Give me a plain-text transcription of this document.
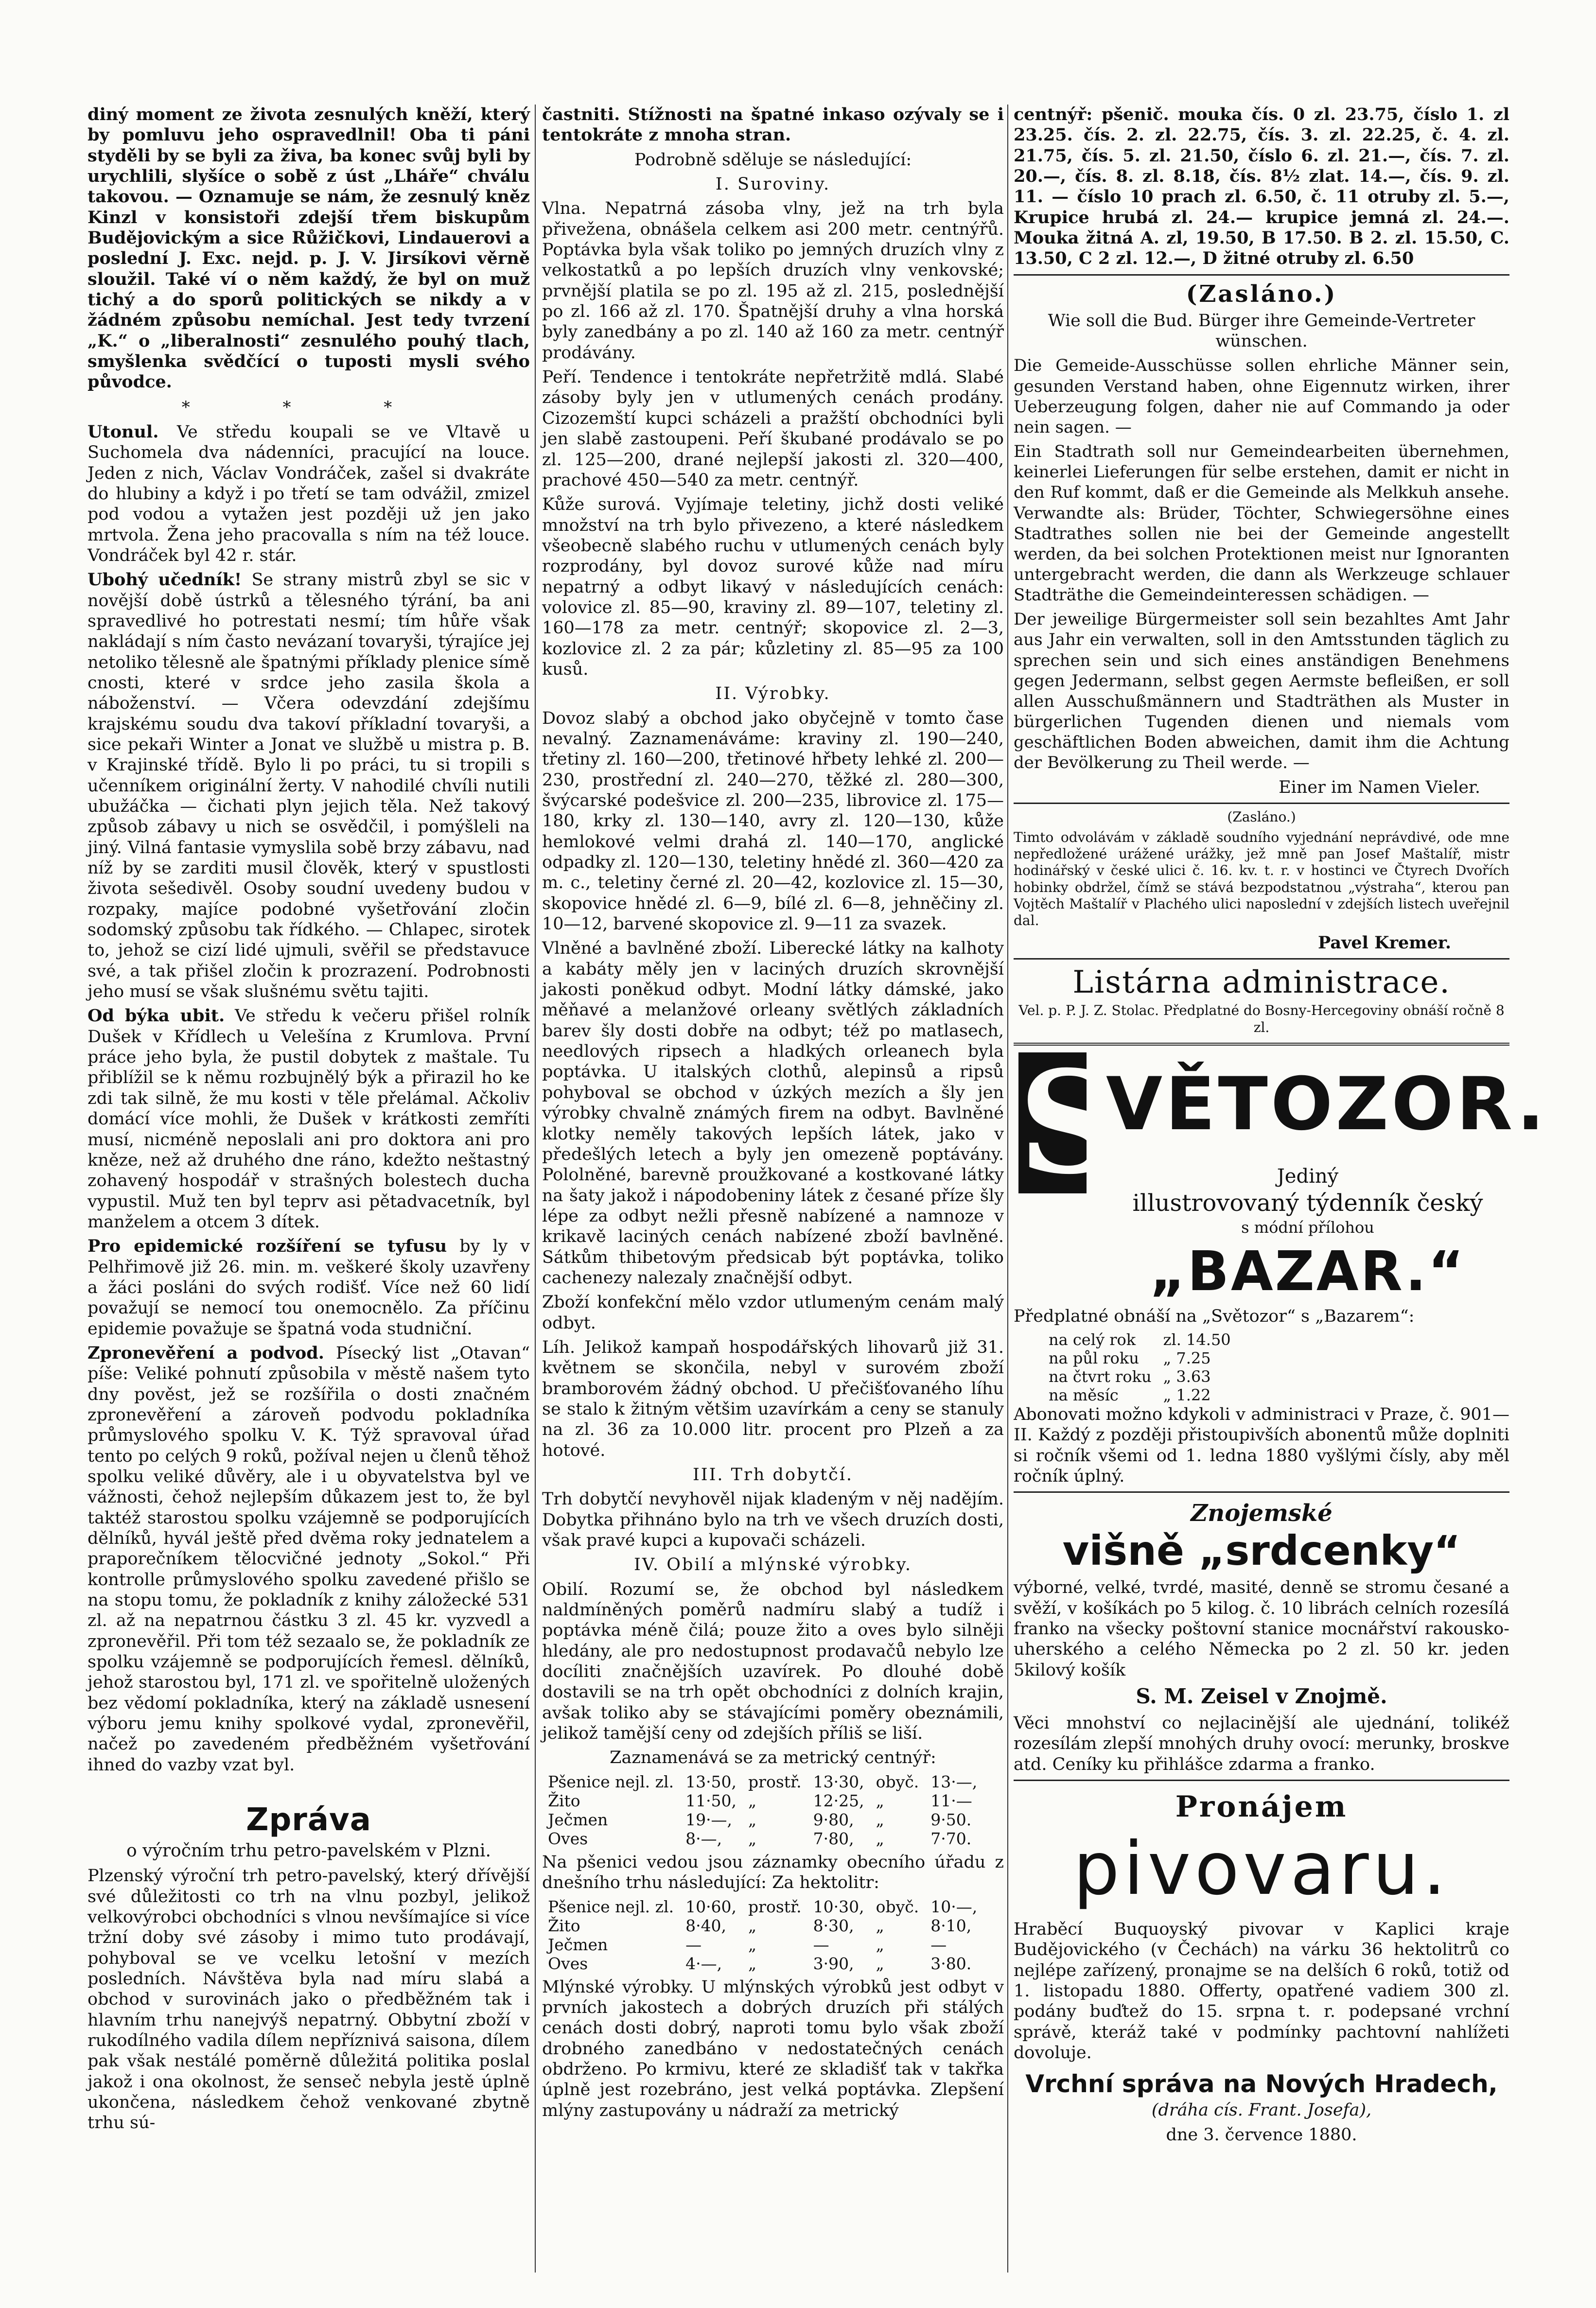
diný moment ze života zesnulých kněží, který by pomluvu jeho ospravedlnil! Oba ti páni styděli by se byli za živa, ba konec svůj byli by urychlili, slyšíce o sobě z úst „Lháře“ chválu takovou. — Oznamuje se nám, že zesnulý kněz Kinzl v konsistoři zdejší třem biskupům Budějovickým a sice Růžičkovi, Lindauerovi a poslední J. Exc. nejd. p. J. V. Jirsíkovi věrně sloužil. Také ví o něm každý, že byl on muž tichý a do sporů politických se nikdy a v žádném způsobu nemíchal. Jest tedy tvrzení „K.“ o „liberalnosti“ zesnulého pouhý tlach, smyšlenka svědčící o tuposti mysli svého původce.

* * *

Utonul. Ve středu koupali se ve Vltavě u Suchomela dva nádenníci, pracující na louce. Jeden z nich, Václav Vondráček, zašel si dvakráte do hlubiny a když i po třetí se tam odvážil, zmizel pod vodou a vytažen jest později už jen jako mrtvola. Žena jeho pracovalla s ním na též louce. Vondráček byl 42 r. stár.

Ubohý učedník! Se strany mistrů zbyl se sic v novější době ústrků a tělesného týrání, ba ani spravedlivé ho potrestati nesmí; tím hůře však nakládají s ním často nevázaní tovaryši, týrajíce jej netoliko tělesně ale špatnými příklady plenice símě cnosti, které v srdce jeho zasila škola a náboženství. — Včera odevzdání zdejšímu krajskému soudu dva takoví příkladní tovaryši, a sice pekaři Winter a Jonat ve službě u mistra p. B. v Krajinské třídě. Bylo li po práci, tu si tropili s učenníkem originální žerty. V nahodilé chvíli nutili ubužáčka — čichati plyn jejich těla. Než takový způsob zábavy u nich se osvědčil, i pomýšleli na jiný. Vilná fantasie vymyslila sobě brzy zábavu, nad níž by se zarditi musil člověk, který v spustlosti života sešedivěl. Osoby soudní uvedeny budou v rozpaky, majíce podobné vyšetřování zločin sodomský způsobu tak řídkého. — Chlapec, sirotek to, jehož se cizí lidé ujmuli, svěřil se představuce své, a tak přišel zločin k prozrazení. Podrobnosti jeho musí se však slušnému světu tajiti.

Od býka ubit. Ve středu k večeru přišel rolník Dušek v Křídlech u Velešína z Krumlova. První práce jeho byla, že pustil dobytek z maštale. Tu přiblížil se k němu rozbujnělý býk a přirazil ho ke zdi tak silně, že mu kosti v těle přelámal. Ačkoliv domácí více mohli, že Dušek v krátkosti zemříti musí, nicméně neposlali ani pro doktora ani pro kněze, než až druhého dne ráno, kdežto neštastný zohavený hospodář v strašných bolestech ducha vypustil. Muž ten byl teprv asi pětadvacetník, byl manželem a otcem 3 dítek.

Pro epidemické rozšíření se tyfusu by ly v Pelhřimově již 26. min. m. veškeré školy uzavřeny a žáci posláni do svých rodišť. Více než 60 lidí považují se nemocí tou onemocnělo. Za příčinu epidemie považuje se špatná voda studniční.

Zpronevěření a podvod. Písecký list „Otavan“ píše: Veliké pohnutí způsobila v městě našem tyto dny pověst, jež se rozšířila o dosti značném zpronevěření a zároveň podvodu pokladníka průmyslového spolku V. K. Týž spravoval úřad tento po celých 9 roků, požíval nejen u členů těhož spolku veliké důvěry, ale i u obyvatelstva byl ve vážnosti, čehož nejlepším důkazem jest to, že byl taktéž starostou spolku vzájemně se podporujících dělníků, hyvál ještě před dvěma roky jednatelem a praporečníkem tělocvičné jednoty „Sokol.“ Při kontrolle průmyslového spolku zavedené přišlo se na stopu tomu, že pokladník z knihy záložecké 531 zl. až na nepatrnou částku 3 zl. 45 kr. vyzvedl a zpronevěřil. Při tom též sezaalo se, že pokladník ze spolku vzájemně se podporujících řemesl. dělníků, jehož starostou byl, 171 zl. ve spořitelně uložených bez vědomí pokladníka, který na základě usnesení výboru jemu knihy spolkové vydal, zpronevěřil, načež po zavedeném předběžném vyšetřování ihned do vazby vzat byl.

Zpráva
o výročním trhu petro-pavelském v Plzni.

Plzenský výroční trh petro-pavelský, který dřívější své důležitosti co trh na vlnu pozbyl, jelikož velkovýrobci obchodníci s vlnou nevšímajíce si více tržní doby své zásoby i mimo tuto prodávají, pohyboval se ve vcelku letošní v mezích posledních. Návštěva byla nad míru slabá a obchod v surovinách jako o předběžném tak i hlavním trhu nanejvýš nepatrný. Obbytní zboží v rukodílného vadila dílem nepříznivá saisona, dílem pak však nestálé poměrně důležitá politika poslal jakož i ona okolnost, že senseč nebyla jestě úplně ukončena, následkem čehož venkované zbytně trhu sú-

častniti. Stížnosti na špatné inkaso ozývaly se i tentokráte z mnoha stran.

Podrobně sděluje se následující:

I. Suroviny.

Vlna. Nepatrná zásoba vlny, jež na trh byla přivežena, obnášela celkem asi 200 metr. centnýřů. Poptávka byla však toliko po jemných druzích vlny z velkostatků a po lepších druzích vlny venkovské; prvnější platila se po zl. 195 až zl. 215, poslednější po zl. 166 až zl. 170. Špatnější druhy a vlna horská byly zanedbány a po zl. 140 až 160 za metr. centnýř prodávány.

Peří. Tendence i tentokráte nepřetržitě mdlá. Slabé zásoby byly jen v utlumených cenách prodány. Cizozemští kupci scházeli a pražští obchodníci byli jen slabě zastoupeni. Peří škubané prodávalo se po zl. 125—200, drané nejlepší jakosti zl. 320—400, prachové 450—540 za metr. centnýř.

Kůže surová. Vyjímaje teletiny, jichž dosti veliké množství na trh bylo přivezeno, a které následkem všeobecně slabého ruchu v utlumených cenách byly rozprodány, byl dovoz surové kůže nad míru nepatrný a odbyt likavý v následujících cenách: volovice zl. 85—90, kraviny zl. 89—107, teletiny zl. 160—178 za metr. centnýř; skopovice zl. 2—3, kozlovice zl. 2 za pár; kůzletiny zl. 85—95 za 100 kusů.

II. Výrobky.

Dovoz slabý a obchod jako obyčejně v tomto čase nevalný. Zaznamenáváme: kraviny zl. 190—240, třetiny zl. 160—200, třetinové hřbety lehké zl. 200—230, prostřední zl. 240—270, těžké zl. 280—300, švýcarské podešvice zl. 200—235, librovice zl. 175—180, krky zl. 130—140, avry zl. 120—130, kůže hemlokové velmi drahá zl. 140—170, anglické odpadky zl. 120—130, teletiny hnědé zl. 360—420 za m. c., teletiny černé zl. 20—42, kozlovice zl. 15—30, skopovice hnědé zl. 6—9, bílé zl. 6—8, jehněčiny zl. 10—12, barvené skopovice zl. 9—11 za svazek.

Vlněné a bavlněné zboží. Liberecké látky na kalhoty a kabáty měly jen v laciných druzích skrovnější jakosti poněkud odbyt. Modní látky dámské, jako měňavé a melanžové orleany světlých základních barev šly dosti dobře na odbyt; též po matlasech, needlových ripsech a hladkých orleanech byla poptávka. U italských clothů, alepinsů a ripsů pohyboval se obchod v úzkých mezích a šly jen výrobky chvalně známých firem na odbyt. Bavlněné klotky neměly takových lepších látek, jako v předešlých letech a byly jen omezeně poptávány. Pololněné, barevně proužkované a kostkované látky na šaty jakož i nápodobeniny látek z česané příze šly lépe za odbyt nežli přesně nabízené a namnoze v krikavě laciných cenách nabízené zboží bavlněné. Sátkům thibetovým předsicab být poptávka, toliko cachenezy nalezaly značnější odbyt.

Zboží konfekční mělo vzdor utlumeným cenám malý odbyt.

Líh. Jelikož kampaň hospodářských lihovarů již 31. květnem se skončila, nebyl v surovém zboží bramborovém žádný obchod. U přečišťovaného líhu se stalo k žitným většim uzavírkám a ceny se stanuly na zl. 36 za 10.000 litr. procent pro Plzeň a za hotové.

III. Trh dobytčí.

Trh dobytčí nevyhověl nijak kladeným v něj nadějím. Dobytka přihnáno bylo na trh ve všech druzích dosti, však pravé kupci a kupovači scházeli.

IV. Obilí a mlýnské výrobky.

Obilí. Rozumí se, že obchod byl následkem naldmíněných poměrů nadmíru slabý a tudíž i poptávka méně čilá; pouze žito a oves bylo silněji hledány, ale pro nedostupnost prodavačů nebylo lze docíliti značnějších uzavírek. Po dlouhé době dostavili se na trh opět obchodníci z dolních krajin, avšak toliko aby se stávajícími poměry obeznámili, jelikož tamější ceny od zdejších příliš se liší.

Zaznamenává se za metrický centnýř:

Pšenice nejl. zl.	13·50,	prostř.	13·30,	obyč.	13·—,
Žito	11·50,	„	12·25,	„	11·—
Ječmen	19·—,	„	9·80,	„	9·50.
Oves	8·—,	„	7·80,	„	7·70.

Na pšenici vedou jsou záznamky obecního úřadu z dnešního trhu následující: Za hektolitr:

Pšenice nejl. zl.	10·60,	prostř.	10·30,	obyč.	10·—,
Žito	8·40,	„	8·30,	„	8·10,
Ječmen	—	„	—	„	—
Oves	4·—,	„	3·90,	„	3·80.

Mlýnské výrobky. U mlýnských výrobků jest odbyt v prvních jakostech a dobrých druzích při stálých cenách dosti dobrý, naproti tomu bylo však zboží drobného zanedbáno v nedostatečných cenách obdrženo. Po krmivu, které ze skladišť tak v takřka úplně jest rozebráno, jest velká poptávka. Zlepšení mlýny zastupovány u nádraží za metrický

centnýř: pšenič. mouka čís. 0 zl. 23.75, číslo 1. zl 23.25. čís. 2. zl. 22.75, čís. 3. zl. 22.25, č. 4. zl. 21.75, čís. 5. zl. 21.50, číslo 6. zl. 21.—, čís. 7. zl. 20.—, čís. 8. zl. 8.18, čís. 8½ zlat. 14.—, čís. 9. zl. 11. — číslo 10 prach zl. 6.50, č. 11 otruby zl. 5.—, Krupice hrubá zl. 24.— krupice jemná zl. 24.—. Mouka žitná A. zl, 19.50, B 17.50. B 2. zl. 15.50, C. 13.50, C 2 zl. 12.—, D žitné otruby zl. 6.50

(Zasláno.)

Wie soll die Bud. Bürger ihre Gemeinde-Vertreter wünschen.

Die Gemeide-Ausschüsse sollen ehrliche Männer sein, gesunden Verstand haben, ohne Eigennutz wirken, ihrer Ueberzeugung folgen, daher nie auf Commando ja oder nein sagen. —

Ein Stadtrath soll nur Gemeindearbeiten übernehmen, keinerlei Lieferungen für selbe erstehen, damit er nicht in den Ruf kommt, daß er die Gemeinde als Melkkuh ansehe. Verwandte als: Brüder, Töchter, Schwiegersöhne eines Stadtrathes sollen nie bei der Gemeinde angestellt werden, da bei solchen Protektionen meist nur Ignoranten untergebracht werden, die dann als Werkzeuge schlauer Stadträthe die Gemeindeinteressen schädigen. —

Der jeweilige Bürgermeister soll sein bezahltes Amt Jahr aus Jahr ein verwalten, soll in den Amtsstunden täglich zu sprechen sein und sich eines anständigen Benehmens gegen Jedermann, selbst gegen Aermste befleißen, er soll allen Ausschußmännern und Stadträthen als Muster in bürgerlichen Tugenden dienen und niemals vom geschäftlichen Boden abweichen, damit ihm die Achtung der Bevölkerung zu Theil werde. —

Einer im Namen Vieler.

(Zasláno.)

Timto odvolávám v základě soudního vyjednání neprávdivé, ode mne nepředložené urážené urážky, jež mně pan Josef Maštalíř, mistr hodinářský v české ulici č. 16. kv. t. r. v hostinci ve Čtyrech Dvořích hobinky obdržel, čímž se stává bezpodstatnou „výstraha“, kterou pan Vojtěch Maštalíř v Plachého ulici naposlední v zdejších listech uveřejnil dal.

Pavel Kremer.

Listárna administrace.

Vel. p. P. J. Z. Stolac. Předplatné do Bosny-Hercegoviny obnáší ročně 8 zl.

S
VĚTOZOR.
Jediný
illustrovovaný týdenník český
s módní přílohou
„BAZAR.“

Předplatné obnáší na „Světozor“ s „Bazarem“:

na celý rok	zl. 14.50
na půl roku	„ 7.25
na čtvrt roku	„ 3.63
na měsíc	„ 1.22

Abonovati možno kdykoli v administraci v Praze, č. 901—II. Každý z později přistoupivších abonentů může doplniti si ročník všemi od 1. ledna 1880 vyšlými čísly, aby měl ročník úplný.

Znojemské
višně „srdcenky“

výborné, velké, tvrdé, masité, denně se stromu česané a svěží, v košíkách po 5 kilog. č. 10 librách celních rozesílá franko na všecky poštovní stanice mocnářství rakousko-uherského a celého Německa po 2 zl. 50 kr. jeden 5kilový košík

S. M. Zeisel v Znojmě.

Věci mnohství co nejlacinější ale ujednání, tolikéž rozesílám zlepší mnohých druhy ovocí: merunky, broskve atd. Ceníky ku přihlášce zdarma a franko.

Pronájem
pivovaru.

Hraběcí Buquoyský pivovar v Kaplici kraje Budějovického (v Čechách) na várku 36 hektolitrů co nejlépe zařízený, pronajme se na delších 6 roků, totiž od 1. listopadu 1880. Offerty, opatřené vadiem 300 zl. podány buďtež do 15. srpna t. r. podepsané vrchní správě, kteráž také v podmínky pachtovní nahlížeti dovoluje.

Vrchní správa na Nových Hradech,

(dráha cís. Frant. Josefa),

dne 3. července 1880.
